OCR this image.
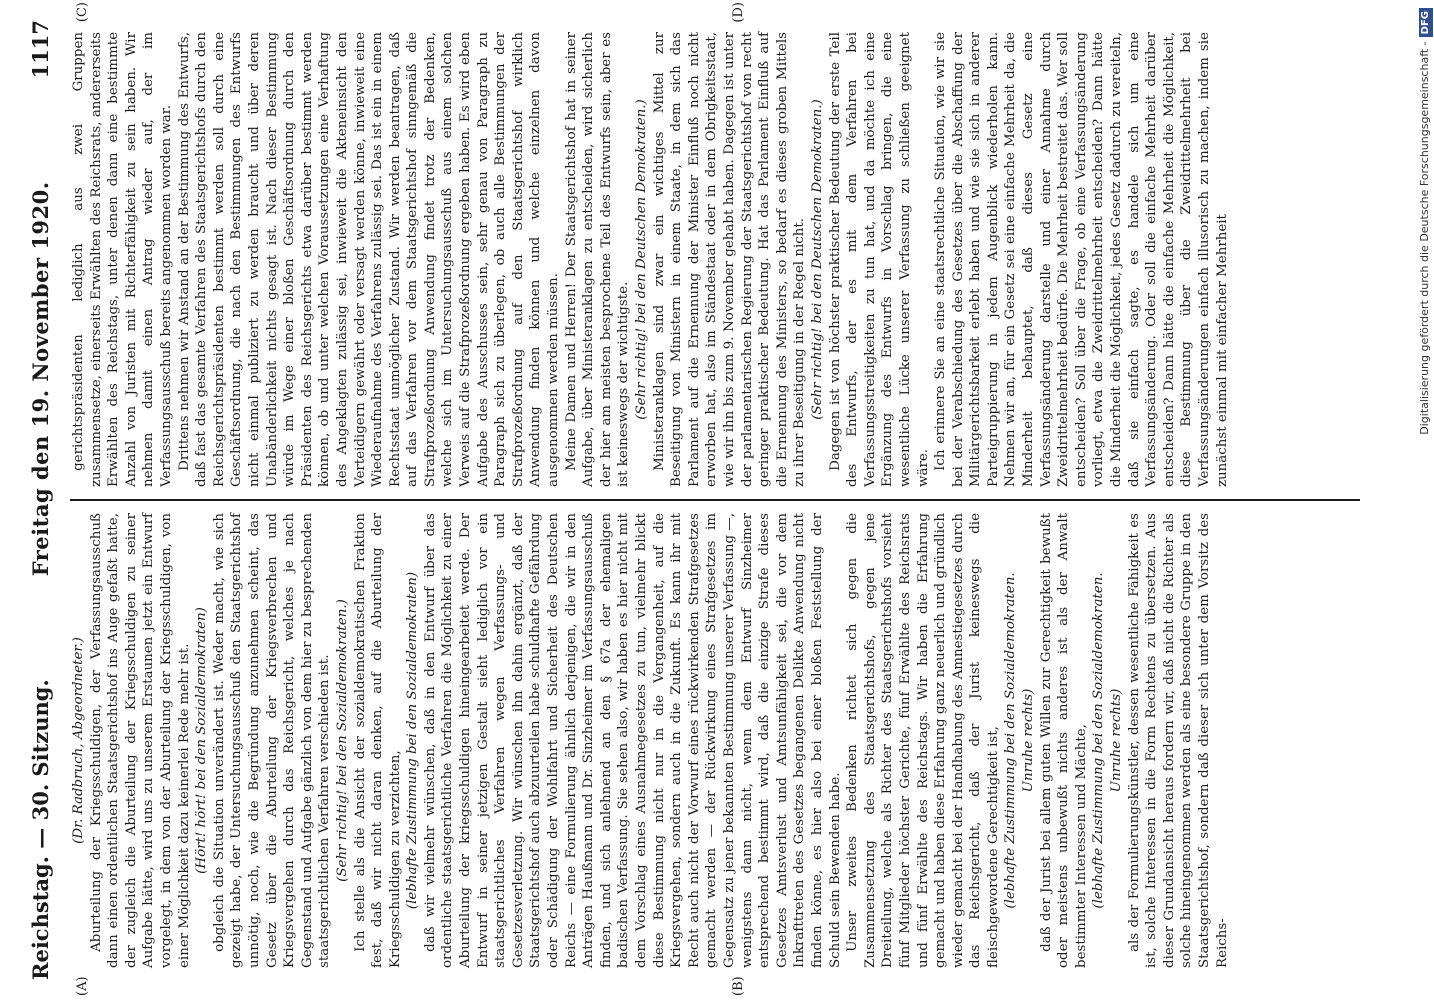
Reichstag. — 30. Sitzung.
Freitag den 19. November 1920.
1117
(A)	(B)

(Dr. Radbruch, Abgeordneter.) Aburteilung der Kriegsschuldigen, der Verfassungsausschuß dann einen ordentlichen Staatsgerichtshof ins Auge gefaßt hatte, der zugleich die Aburteilung der Kriegsschuldigen zu seiner Aufgabe hätte, wird uns zu unserem Erstaunen jetzt ein Entwurf vorgelegt, in dem von der Aburteilung der Kriegsschuldigen, von einer Möglichkeit dazu keinerlei Rede mehr ist. (Hört! hört! bei den Sozialdemokraten) obgleich die Situation unverändert ist. Weder macht, wie sich gezeigt habe, der Untersuchungsausschuß den Staatsgerichtshof unnötig, noch, wie die Begründung anzunehmen scheint, das Gesetz über die Aburteilung der Kriegsverbrechen und Kriegsvergehen durch das Reichsgericht, welches je nach Gegenstand und Aufgabe gänzlich von dem hier zu besprechenden staatsgerichtlichen Verfahren verschieden ist. (Sehr richtig! bei den Sozialdemokraten.) Ich stelle als die Ansicht der sozialdemokratischen Fraktion fest, daß wir nicht daran denken, auf die Aburteilung der Kriegsschuldigen zu verzichten, (lebhafte Zustimmung bei den Sozialdemokraten) daß wir vielmehr wünschen, daß in den Entwurf über das ordentliche staatsgerichtliche Verfahren die Möglichkeit zu einer Aburteilung der kriegsschuldigen hineingearbeitet werde. Der Entwurf in seiner jetzigen Gestalt sieht lediglich vor ein staatsgerichtliches Verfahren wegen Verfassungs- und Gesetzesverletzung. Wir wünschen ihn dahin ergänzt, daß der Staatsgerichtshof auch abzuurteilen habe schuldhafte Gefährdung oder Schädigung der Wohlfahrt und Sicherheit des Deutschen Reichs — eine Formulierung ähnlich derjenigen, die wir in den Anträgen Haußmann und Dr. Sinzheimer im Verfassungsausschuß finden, und sich anlehnend an den § 67a der ehemaligen badischen Verfassung. Sie sehen also, wir haben es hier nicht mit dem Vorschlag eines Ausnahmegesetzes zu tun, vielmehr blickt diese Bestimmung nicht nur in die Vergangenheit, auf die Kriegsvergehen, sondern auch in die Zukunft. Es kann ihr mit Recht auch nicht der Vorwurf eines rückwirkenden Strafgesetzes gemacht werden — der Rückwirkung eines Strafgesetzes im Gegensatz zu jener bekannten Bestimmung unserer Verfassung —, wenigstens dann nicht, wenn dem Entwurf Sinzheimer entsprechend bestimmt wird, daß die einzige Strafe dieses Gesetzes Amtsverlust und Amtsunfähigkeit sei, die vor dem Inkrafttreten des Gesetzes begangenen Delikte Anwendung nicht finden könne, es hier also bei einer bloßen Feststellung der Schuld sein Bewenden habe. Unser zweites Bedenken richtet sich gegen die Zusammensetzung des Staatsgerichtshofs, gegen jene Dreiteilung, welche als Richter des Staatsgerichtshofs vorsieht fünf Mitglieder höchster Gerichte, fünf Erwählte des Reichsrats und fünf Erwählte des Reichstags. Wir haben die Erfahrung gemacht und haben diese Erfahrung ganz neuerlich und gründlich wieder gemacht bei der Handhabung des Amnestiegesetzes durch das Reichsgericht, daß der Jurist keineswegs die fleischgewordene Gerechtigkeit ist, (lebhafte Zustimmung bei den Sozialdemokraten. Unruhe rechts) daß der Jurist bei allem guten Willen zur Gerechtigkeit bewußt oder meistens unbewußt nichts anderes ist als der Anwalt bestimmter Interessen und Mächte, (lebhafte Zustimmung bei den Sozialdemokraten. Unruhe rechts) als der Formulierungskünstler, dessen wesentliche Fähigkeit es ist, solche Interessen in die Form Rechtens zu übersetzen. Aus dieser Grundansicht heraus fordern wir, daß nicht die Richter als solche hineingenommen werden als eine besondere Gruppe in den Staatsgerichtshof, sondern daß dieser sich unter dem Vorsitz des Reichs-

(C)	(D)

gerichtspräsidenten lediglich aus zwei Gruppen zusammensetze, einerseits Erwählten des Reichsrats, andererseits Erwählten des Reichstags, unter denen dann eine bestimmte Anzahl von Juristen mit Richterfähigkeit zu sein haben. Wir nehmen damit einen Antrag wieder auf, der im Verfassungsausschuß bereits angenommen worden war. Drittens nehmen wir Anstand an der Bestimmung des Entwurfs, daß fast das gesamte Verfahren des Staatsgerichtshofs durch den Reichsgerichtspräsidenten bestimmt werden soll durch eine Geschäftsordnung, die nach den Bestimmungen des Entwurfs nicht einmal publiziert zu werden braucht und über deren Unabänderlichkeit nichts gesagt ist. Nach dieser Bestimmung würde im Wege einer bloßen Geschäftsordnung durch den Präsidenten des Reichsgerichts etwa darüber bestimmt werden können, ob und unter welchen Voraussetzungen eine Verhaftung des Angeklagten zulässig sei, inwieweit die Akteneinsicht den Verteidigern gewährt oder versagt werden könne, inwieweit eine Wiederaufnahme des Verfahrens zulässig sei. Das ist ein in einem Rechtsstaat unmöglicher Zustand. Wir werden beantragen, daß auf das Verfahren vor dem Staatsgerichtshof sinngemäß die Strafprozeßordnung Anwendung findet trotz der Bedenken, welche sich im Untersuchungsausschuß aus einem solchen Verweis auf die Strafprozeßordnung ergeben haben. Es wird eben Aufgabe des Ausschusses sein, sehr genau von Paragraph zu Paragraph sich zu überlegen, ob auch alle Bestimmungen der Strafprozeßordnung auf den Staatsgerichtshof wirklich Anwendung finden können und welche einzelnen davon ausgenommen werden müssen. Meine Damen und Herren! Der Staatsgerichtshof hat in seiner Aufgabe, über Ministeranklagen zu entscheiden, wird sicherlich der hier am meisten besprochene Teil des Entwurfs sein, aber es ist keineswegs der wichtigste. (Sehr richtig! bei den Deutschen Demokraten.) Ministeranklagen sind zwar ein wichtiges Mittel zur Beseitigung von Ministern in einem Staate, in dem sich das Parlament auf die Ernennung der Minister Einfluß noch nicht erworben hat, also im Ständestaat oder in dem Obrigkeitsstaat, wie wir ihn bis zum 9. November gehabt haben. Dagegen ist unter der parlamentarischen Regierung der Staatsgerichtshof von recht geringer praktischer Bedeutung. Hat das Parlament Einfluß auf die Ernennung des Ministers, so bedarf es dieses groben Mittels zu ihrer Beseitigung in der Regel nicht. (Sehr richtig! bei den Deutschen Demokraten.) Dagegen ist von höchster praktischer Bedeutung der erste Teil des Entwurfs, der es mit dem Verfahren bei Verfassungsstreitigkeiten zu tun hat, und da möchte ich eine Ergänzung des Entwurfs in Vorschlag bringen, die eine wesentliche Lücke unserer Verfassung zu schließen geeignet wäre. Ich erinnere Sie an eine staatsrechtliche Situation, wie wir sie bei der Verabschiedung des Gesetzes über die Abschaffung der Militärgerichtsbarkeit erlebt haben und wie sie sich in anderer Parteigruppierung in jedem Augenblick wiederholen kann. Nehmen wir an, für ein Gesetz sei eine einfache Mehrheit da, die Minderheit behauptet, daß dieses Gesetz eine Verfassungsänderung darstelle und einer Annahme durch Zweidrittelmehrheit bedürfe. Die Mehrheit bestreitet das. Wer soll entscheiden? Soll über die Frage, ob eine Verfassungsänderung vorliegt, etwa die Zweidrittelmehrheit entscheiden? Dann hätte die Minderheit die Möglichkeit, jedes Gesetz dadurch zu vereiteln, daß sie einfach sagte, es handele sich um eine Verfassungsänderung. Oder soll die einfache Mehrheit darüber entscheiden? Dann hätte die einfache Mehrheit die Möglichkeit, diese Bestimmung über die Zweidrittelmehrheit bei Verfassungsänderungen einfach illusorisch zu machen, indem sie zunächst einmal mit einfacher Mehrheit	Digitalisierung gefördert durch die Deutsche Forschungsgemeinschaft -DFG
